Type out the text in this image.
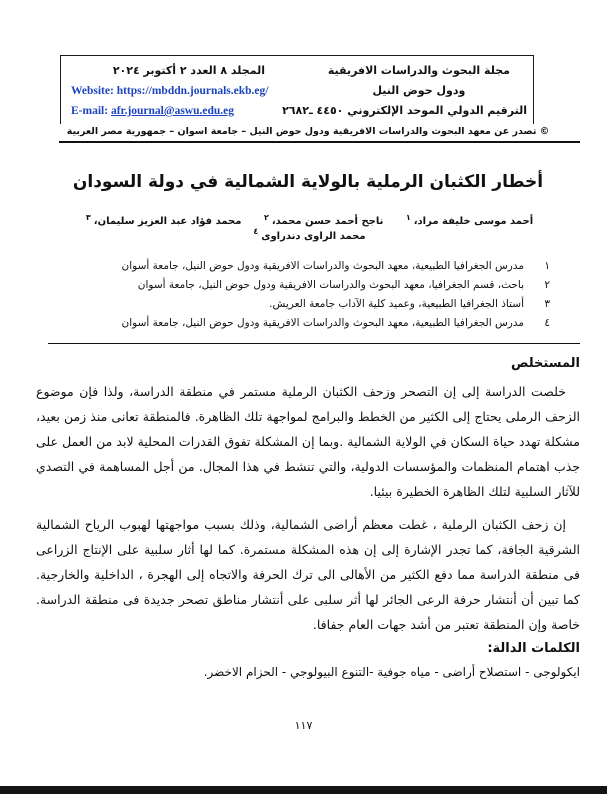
مجلة البحوث والدراسات الافريقية
ودول حوض النيل
الترقيم الدولي الموحد الإلكتروني ٤٤٥٠ ـ٢٦٨٢
المجلد ٨ العدد ٢ أكتوبر ٢٠٢٤
Website: https://mbddn.journals.ekb.eg/
E-mail: afr.journal@aswu.edu.eg
© تصدر عن معهد البحوث والدراسات الافريقية ودول حوض النيل – جامعة اسوان – جمهورية مصر العربية
أخطار الكثبان الرملية بالولاية الشمالية في دولة السودان
أحمد موسى خليفة مراد،$^١$ ناجح أحمد حسن محمد،$^٢$ محمد فؤاد عبد العزيز سليمان،$^٣$ محمد الراوى دندراوى$^٤$
١
مدرس الجغرافيا الطبيعية، معهد البحوث والدراسات الافريقية ودول حوض النيل، جامعة أسوان
٢
باحث، قسم الجغرافيا، معهد البحوث والدراسات الافريقية ودول حوض النيل، جامعة أسوان
٣
أستاذ الجغرافيا الطبيعية، وعميد كلية الآداب جامعة العريش.
٤
مدرس الجغرافيا الطبيعية، معهد البحوث والدراسات الافريقية ودول حوض النيل، جامعة أسوان
المستخلص

خلصت الدراسة إلى إن التصحر وزحف الكثبان الرملية مستمر في منطقة الدراسة، ولذا فإن موضوع الزحف الرملى يحتاج إلى الكثير من الخطط والبرامج لمواجهة تلك الظاهرة. فالمنطقة تعانى منذ زمن بعيد، مشكلة تهدد حياة السكان في الولاية الشمالية .وبما إن المشكلة تفوق القدرات المحلية لابد من العمل على جذب اهتمام المنظمات والمؤسسات الدولية، والتي تنشط في هذا المجال. من أجل المساهمة في التصدي للآثار السلبية لتلك الظاهرة الخطيرة بيئيا.

إن زحف الكثبان الرملية ، غطت معظم أراضى الشمالية، وذلك بسبب مواجهتها لهبوب الرياح الشمالية الشرقية الجافة، كما تجدر الإشارة إلى إن هذه المشكلة مستمرة. كما لها أثار سلبية على الإنتاج الزراعى فى منطقة الدراسة مما دفع الكثير من الأهالى الى ترك الحرفة والاتجاه إلى الهجرة ، الداخلية والخارجية. كما تبين أن أنتشار حرفة الرعى الجائر لها أثر سلبى على أنتشار مناطق تصحر جديدة فى منطقة الدراسة. خاصة وإن المنطقة تعتبر من أشد جهات العام جفافا.

الكلمات الدالة:
ايكولوجى - استصلاح أراضى - مياه جوفية -التنوع البيولوجي - الحزام الاخضر.
١١٧
